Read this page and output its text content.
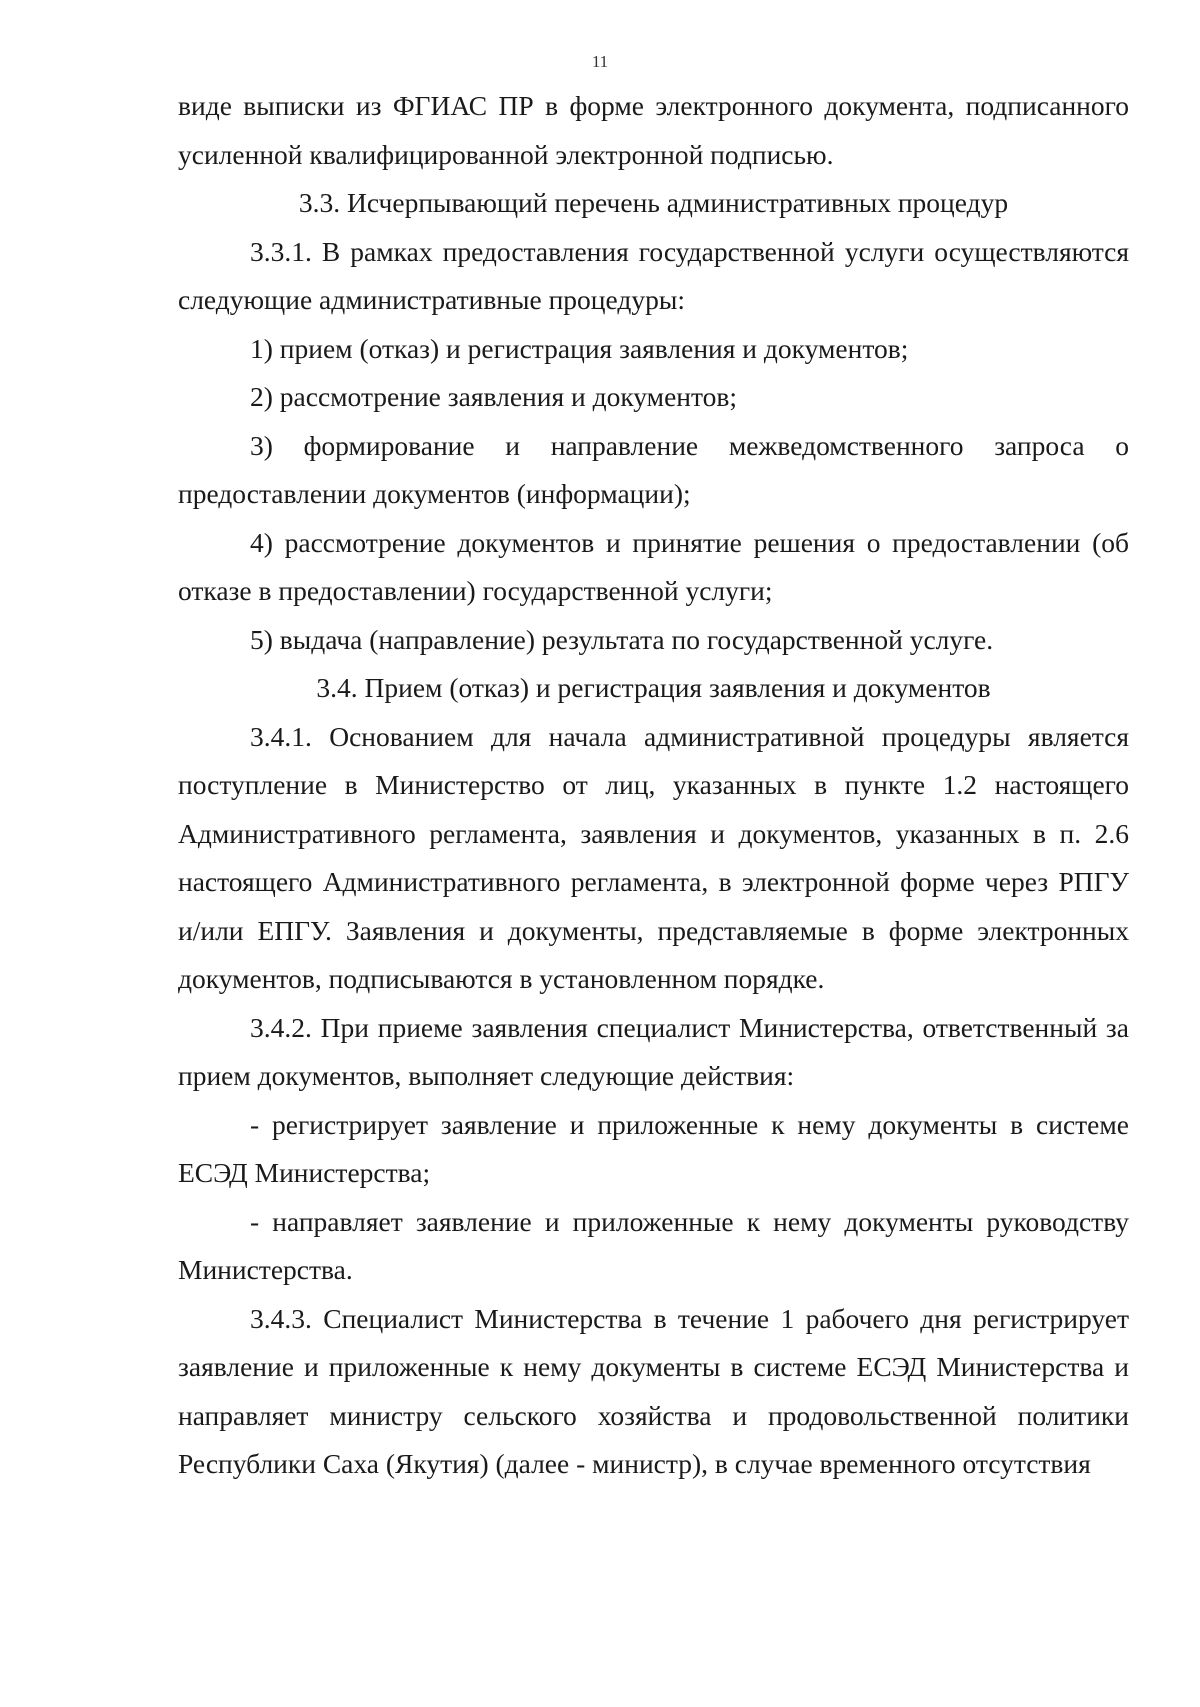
11

виде выписки из ФГИАС ПР в форме электронного документа, подписанного усиленной квалифицированной электронной подписью.

3.3. Исчерпывающий перечень административных процедур

3.3.1. В рамках предоставления государственной услуги осуществляются следующие административные процедуры:

1) прием (отказ) и регистрация заявления и документов;

2) рассмотрение заявления и документов;

3) формирование и направление межведомственного запроса о предоставлении документов (информации);

4) рассмотрение документов и принятие решения о предоставлении (об отказе в предоставлении) государственной услуги;

5) выдача (направление) результата по государственной услуге.

3.4. Прием (отказ) и регистрация заявления и документов

3.4.1. Основанием для начала административной процедуры является поступление в Министерство от лиц, указанных в пункте 1.2 настоящего Административного регламента, заявления и документов, указанных в п. 2.6 настоящего Административного регламента, в электронной форме через РПГУ и/или ЕПГУ. Заявления и документы, представляемые в форме электронных документов, подписываются в установленном порядке.

3.4.2. При приеме заявления специалист Министерства, ответственный за прием документов, выполняет следующие действия:

- регистрирует заявление и приложенные к нему документы в системе ЕСЭД Министерства;

- направляет заявление и приложенные к нему документы руководству Министерства.

3.4.3. Специалист Министерства в течение 1 рабочего дня регистрирует заявление и приложенные к нему документы в системе ЕСЭД Министерства и направляет министру сельского хозяйства и продовольственной политики Республики Саха (Якутия) (далее - министр), в случае временного отсутствия
